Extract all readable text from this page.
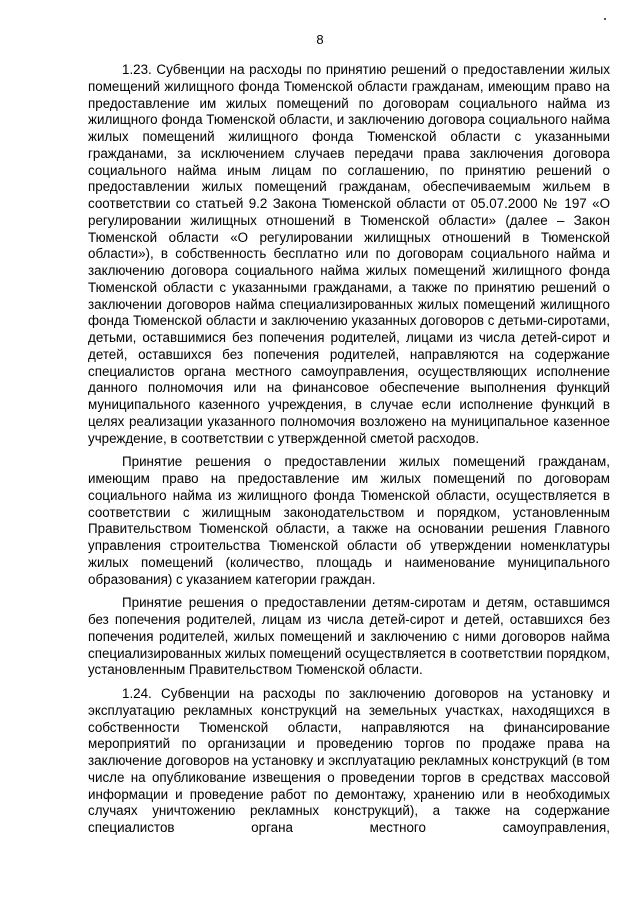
8

1.23. Субвенции на расходы по принятию решений о предоставлении жилых помещений жилищного фонда Тюменской области гражданам, имеющим право на предоставление им жилых помещений по договорам социального найма из жилищного фонда Тюменской области, и заключению договора социального найма жилых помещений жилищного фонда Тюменской области с указанными гражданами, за исключением случаев передачи права заключения договора социального найма иным лицам по соглашению, по принятию решений о предоставлении жилых помещений гражданам, обеспечиваемым жильем в соответствии со статьей 9.2 Закона Тюменской области от 05.07.2000 № 197 «О регулировании жилищных отношений в Тюменской области» (далее – Закон Тюменской области «О регулировании жилищных отношений в Тюменской области»), в собственность бесплатно или по договорам социального найма и заключению договора социального найма жилых помещений жилищного фонда Тюменской области с указанными гражданами, а также по принятию решений о заключении договоров найма специализированных жилых помещений жилищного фонда Тюменской области и заключению указанных договоров с детьми-сиротами, детьми, оставшимися без попечения родителей, лицами из числа детей-сирот и детей, оставшихся без попечения родителей, направляются на содержание специалистов органа местного самоуправления, осуществляющих исполнение данного полномочия или на финансовое обеспечение выполнения функций муниципального казенного учреждения, в случае если исполнение функций в целях реализации указанного полномочия возложено на муниципальное казенное учреждение, в соответствии с утвержденной сметой расходов.

Принятие решения о предоставлении жилых помещений гражданам, имеющим право на предоставление им жилых помещений по договорам социального найма из жилищного фонда Тюменской области, осуществляется в соответствии с жилищным законодательством и порядком, установленным Правительством Тюменской области, а также на основании решения Главного управления строительства Тюменской области об утверждении номенклатуры жилых помещений (количество, площадь и наименование муниципального образования) с указанием категории граждан.

Принятие решения о предоставлении детям-сиротам и детям, оставшимся без попечения родителей, лицам из числа детей-сирот и детей, оставшихся без попечения родителей, жилых помещений и заключению с ними договоров найма специализированных жилых помещений осуществляется в соответствии порядком, установленным Правительством Тюменской области.

1.24. Субвенции на расходы по заключению договоров на установку и эксплуатацию рекламных конструкций на земельных участках, находящихся в собственности Тюменской области, направляются на финансирование мероприятий по организации и проведению торгов по продаже права на заключение договоров на установку и эксплуатацию рекламных конструкций (в том числе на опубликование извещения о проведении торгов в средствах массовой информации и проведение работ по демонтажу, хранению или в необходимых случаях уничтожению рекламных конструкций), а также на содержание специалистов органа местного самоуправления,
